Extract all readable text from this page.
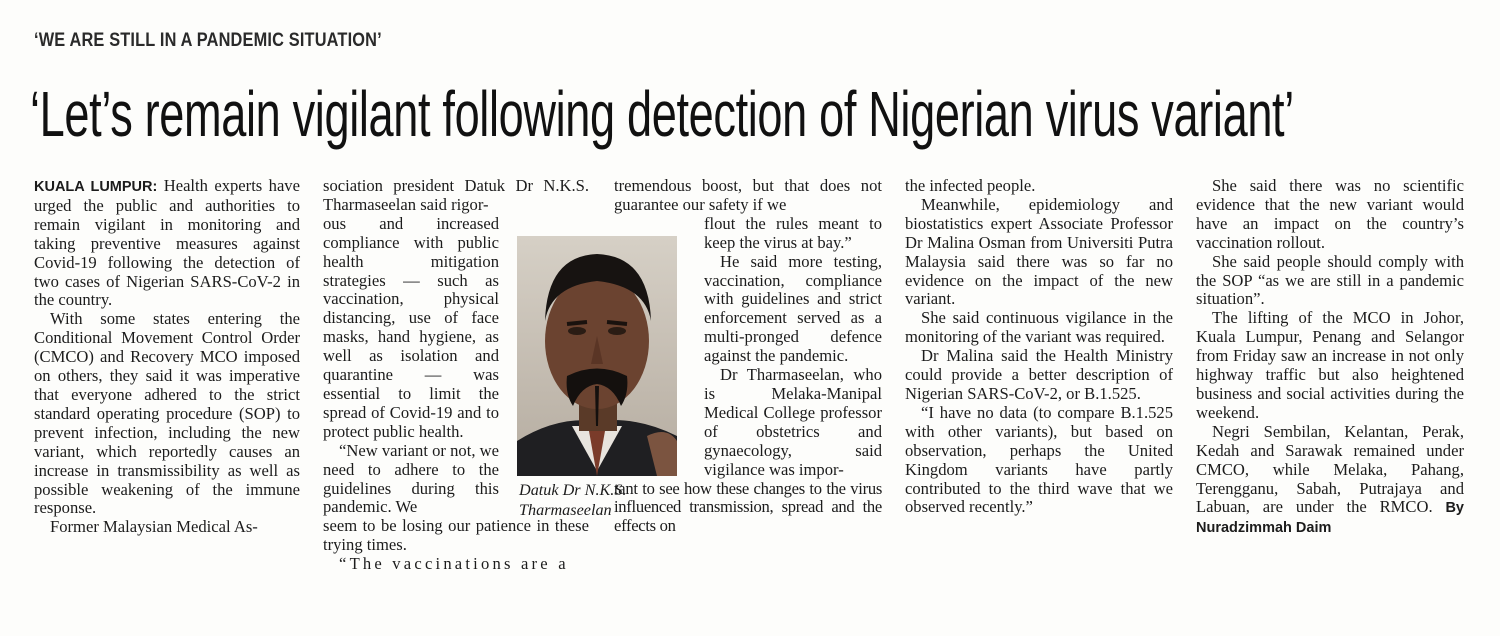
‘WE ARE STILL IN A PANDEMIC SITUATION’
‘Let’s remain vigilant following detection of Nigerian virus variant’

KUALA LUMPUR: Health experts have urged the public and authorities to remain vigilant in monitoring and taking preventive measures against Covid-19 following the detection of two cases of Nigerian SARS-CoV-2 in the country.

With some states entering the Conditional Movement Control Order (CMCO) and Recovery MCO imposed on others, they said it was imperative that everyone adhered to the strict standard operating procedure (SOP) to prevent infection, including the new variant, which reportedly causes an increase in transmissibility as well as possible weakening of the immune response.

Former Malaysian Medical As-

sociation president Datuk Dr N.K.S. Tharmaseelan said rigor-

ous and increased compliance with public health mitigation strategies — such as vaccination, physical distancing, use of face masks, hand hygiene, as well as isolation and quarantine — was essential to limit the spread of Covid-19 and to protect public health.

“New variant or not, we need to adhere to the guidelines during this pandemic. We

seem to be losing our patience in these trying times.

“The vaccinations are a

Datuk Dr N.K.S.
Tharmaseelan

tremendous boost, but that does not guarantee our safety if we

flout the rules meant to keep the virus at bay.”

He said more testing, vaccination, compliance with guidelines and strict enforcement served as a multi-pronged defence against the pandemic.

Dr Tharmaseelan, who is Melaka-Manipal Medical College professor of obstetrics and gynaecology, said vigilance was impor-

tant to see how these changes to the virus influenced transmission, spread and the effects on

the infected people.

Meanwhile, epidemiology and biostatistics expert Associate Professor Dr Malina Osman from Universiti Putra Malaysia said there was so far no evidence on the impact of the new variant.

She said continuous vigilance in the monitoring of the variant was required.

Dr Malina said the Health Ministry could provide a better description of Nigerian SARS-CoV-2, or B.1.525.

“I have no data (to compare B.1.525 with other variants), but based on observation, perhaps the United Kingdom variants have partly contributed to the third wave that we observed recently.”

She said there was no scientific evidence that the new variant would have an impact on the country’s vaccination rollout.

She said people should comply with the SOP “as we are still in a pandemic situation”.

The lifting of the MCO in Johor, Kuala Lumpur, Penang and Selangor from Friday saw an increase in not only highway traffic but also heightened business and social activities during the weekend.

Negri Sembilan, Kelantan, Perak, Kedah and Sarawak remained under CMCO, while Melaka, Pahang, Terengganu, Sabah, Putrajaya and Labuan, are under the RMCO. By Nuradzimmah Daim
